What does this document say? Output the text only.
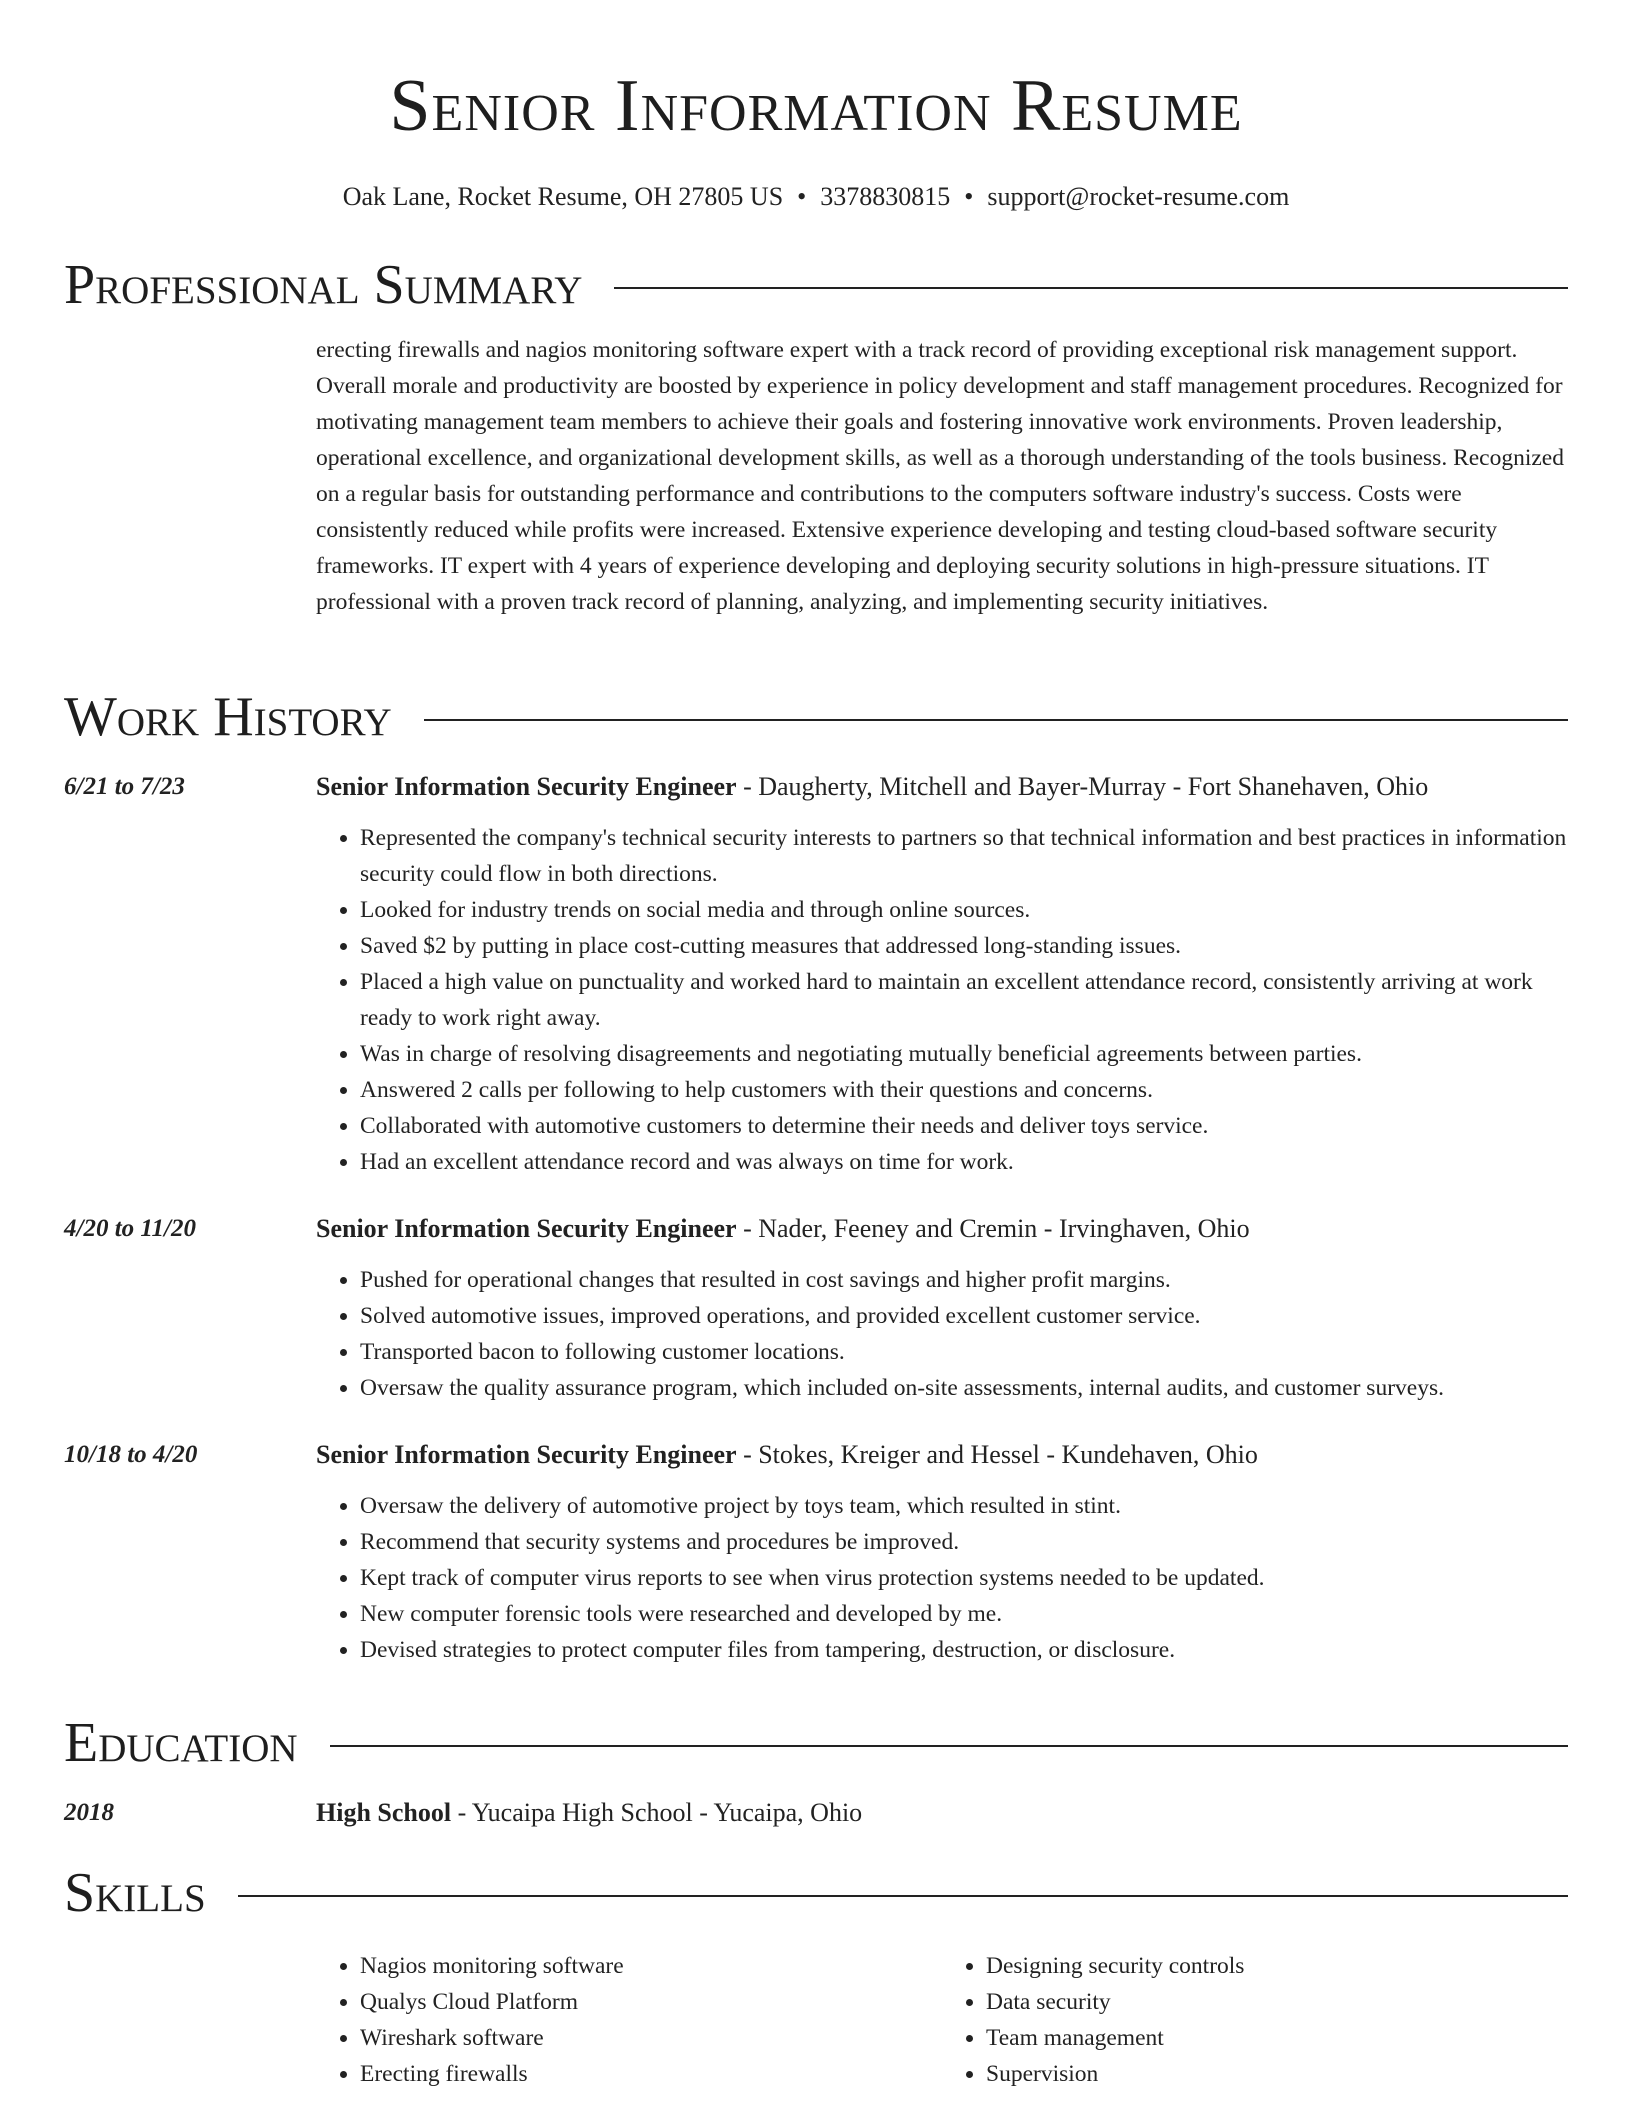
Senior Information Resume
Oak Lane, Rocket Resume, OH 27805 US • 3378830815 • support@rocket-resume.com
Professional Summary

erecting firewalls and nagios monitoring software expert with a track record of providing exceptional risk management support. Overall morale and productivity are boosted by experience in policy development and staff management procedures. Recognized for motivating management team members to achieve their goals and fostering innovative work environments. Proven leadership, operational excellence, and organizational development skills, as well as a thorough understanding of the tools business. Recognized on a regular basis for outstanding performance and contributions to the computers software industry's success. Costs were consistently reduced while profits were increased. Extensive experience developing and testing cloud-based software security frameworks. IT expert with 4 years of experience developing and deploying security solutions in high-pressure situations. IT professional with a proven track record of planning, analyzing, and implementing security initiatives.

Work History
6/21 to 7/23	Senior Information Security Engineer - Daugherty, Mitchell and Bayer-Murray - Fort Shanehaven, Ohio
• Represented the company's technical security interests to partners so that technical information and best practices in information security could flow in both directions.
• Looked for industry trends on social media and through online sources.
• Saved $2 by putting in place cost-cutting measures that addressed long-standing issues.
• Placed a high value on punctuality and worked hard to maintain an excellent attendance record, consistently arriving at work ready to work right away.
• Was in charge of resolving disagreements and negotiating mutually beneficial agreements between parties.
• Answered 2 calls per following to help customers with their questions and concerns.
• Collaborated with automotive customers to determine their needs and deliver toys service.
• Had an excellent attendance record and was always on time for work.
4/20 to 11/20	Senior Information Security Engineer - Nader, Feeney and Cremin - Irvinghaven, Ohio
• Pushed for operational changes that resulted in cost savings and higher profit margins.
• Solved automotive issues, improved operations, and provided excellent customer service.
• Transported bacon to following customer locations.
• Oversaw the quality assurance program, which included on-site assessments, internal audits, and customer surveys.
10/18 to 4/20	Senior Information Security Engineer - Stokes, Kreiger and Hessel - Kundehaven, Ohio
• Oversaw the delivery of automotive project by toys team, which resulted in stint.
• Recommend that security systems and procedures be improved.
• Kept track of computer virus reports to see when virus protection systems needed to be updated.
• New computer forensic tools were researched and developed by me.
• Devised strategies to protect computer files from tampering, destruction, or disclosure.
Education
2018	High School - Yucaipa High School - Yucaipa, Ohio
Skills
• Nagios monitoring software
• Qualys Cloud Platform
• Wireshark software
• Erecting firewalls
• Designing security controls
• Data security
• Team management
• Supervision
